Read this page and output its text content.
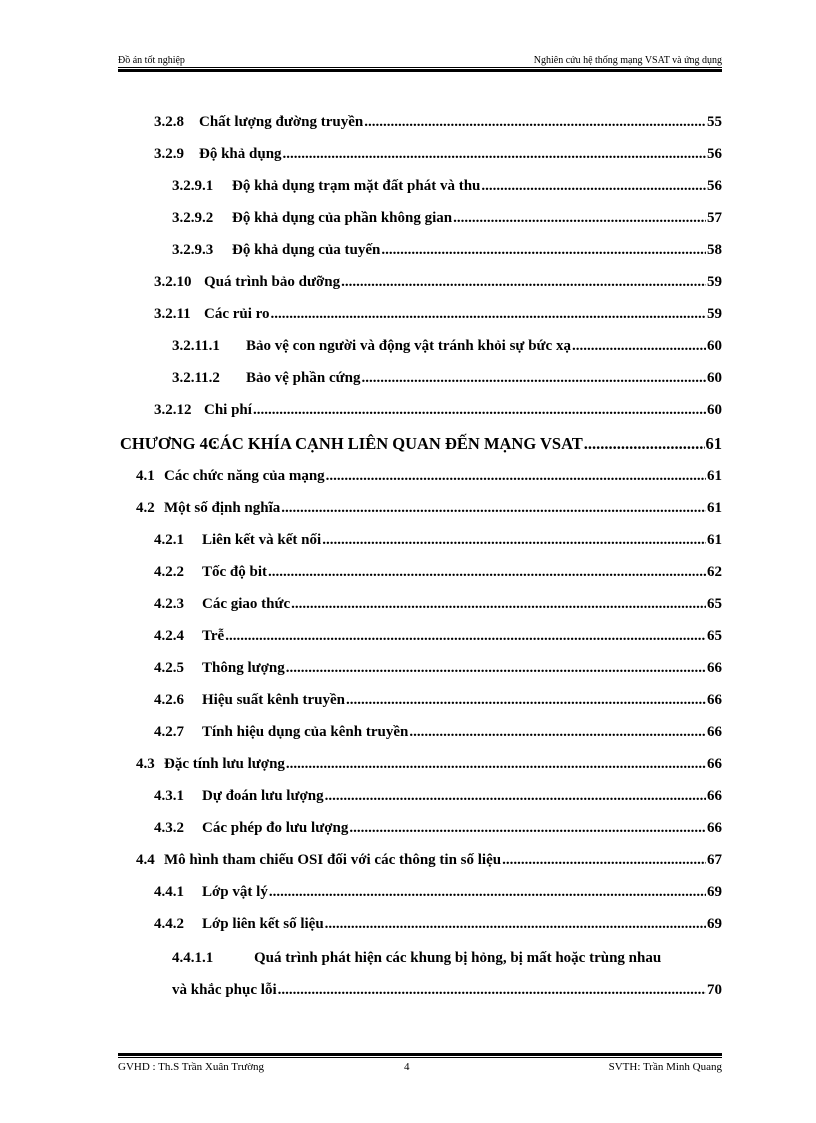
Đồ án tốt nghiệp	Nghiên cứu hệ thống mạng VSAT và ứng dụng
3.2.8	Chất lượng đường truyền .....	55
3.2.9	Độ khả dụng .....	56
3.2.9.1	Độ khả dụng trạm mặt đất phát và thu .....	56
3.2.9.2	Độ khả dụng của phần không gian .....	57
3.2.9.3	Độ khả dụng của tuyến .....	58
3.2.10 Quá trình bảo dưỡng .....	59
3.2.11 Các rủi ro .....	59
3.2.11.1	Bảo vệ con người và động vật tránh khỏi sự bức xạ .....	60
3.2.11.2	Bảo vệ phần cứng .....	60
3.2.12 Chi phí .....	60
CHƯƠNG 4 :
CÁC KHÍA CẠNH LIÊN QUAN ĐẾN MẠNG VSAT .....	61
4.1 Các chức năng của mạng .....	61
4.2 Một số định nghĩa .....	61
4.2.1	Liên kết và kết nối .....	61
4.2.2	Tốc độ bit .....	62
4.2.3	Các giao thức .....	65
4.2.4	Trễ .....	65
4.2.5	Thông lượng .....	66
4.2.6	Hiệu suất kênh truyền .....	66
4.2.7	Tính hiệu dụng của kênh truyền .....	66
4.3 Đặc tính lưu lượng .....	66
4.3.1	Dự đoán lưu lượng .....	66
4.3.2	Các phép đo lưu lượng .....	66
4.4 Mô hình tham chiếu OSI đối với các thông tin số liệu .....	67
4.4.1	Lớp vật lý .....	69
4.4.2	Lớp liên kết số liệu .....	69
4.4.1.1	Quá trình phát hiện các khung bị hỏng, bị mất hoặc trùng nhau
và khắc phục lỗi .....	70
GVHD : Th.S Trần Xuân Trường	4	SVTH: Trần Minh Quang
